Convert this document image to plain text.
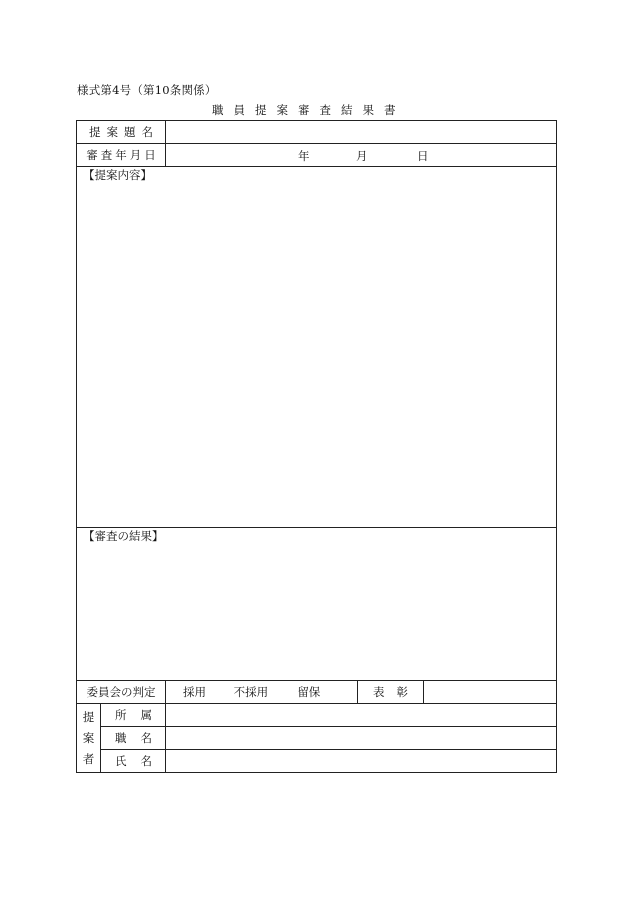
様式第4号（第10条関係）
職員提案審査結果書
提案題名				
審査年月日		年 月 日		

【提案内容】				

【審査の結果】				

委員会の判定		採用 不採用 留保	表彰	

提
案
者	所属			
	職名			
	氏名			
